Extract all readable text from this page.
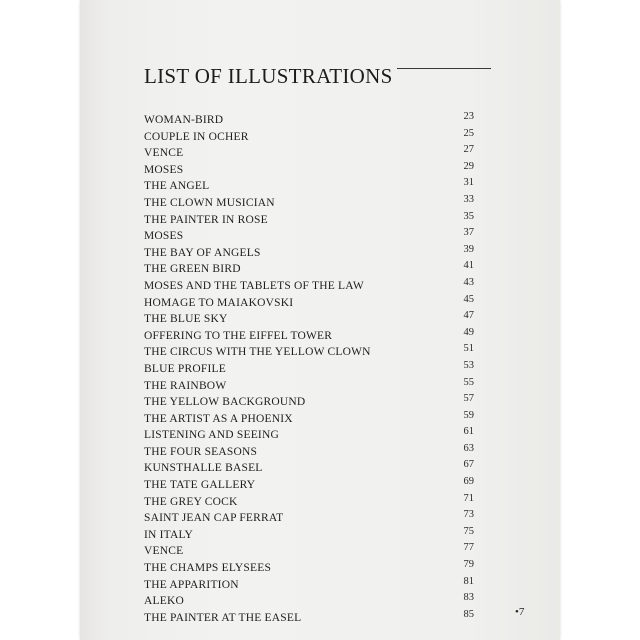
LIST OF ILLUSTRATIONS
WOMAN-BIRD	23
COUPLE IN OCHER	25
VENCE	27
MOSES	29
THE ANGEL	31
THE CLOWN MUSICIAN	33
THE PAINTER IN ROSE	35
MOSES	37
THE BAY OF ANGELS	39
THE GREEN BIRD	41
MOSES AND THE TABLETS OF THE LAW	43
HOMAGE TO MAIAKOVSKI	45
THE BLUE SKY	47
OFFERING TO THE EIFFEL TOWER	49
THE CIRCUS WITH THE YELLOW CLOWN	51
BLUE PROFILE	53
THE RAINBOW	55
THE YELLOW BACKGROUND	57
THE ARTIST AS A PHOENIX	59
LISTENING AND SEEING	61
THE FOUR SEASONS	63
KUNSTHALLE BASEL	67
THE TATE GALLERY	69
THE GREY COCK	71
SAINT JEAN CAP FERRAT	73
IN ITALY	75
VENCE	77
THE CHAMPS ELYSEES	79
THE APPARITION	81
ALEKO	83
THE PAINTER AT THE EASEL	85	•7
